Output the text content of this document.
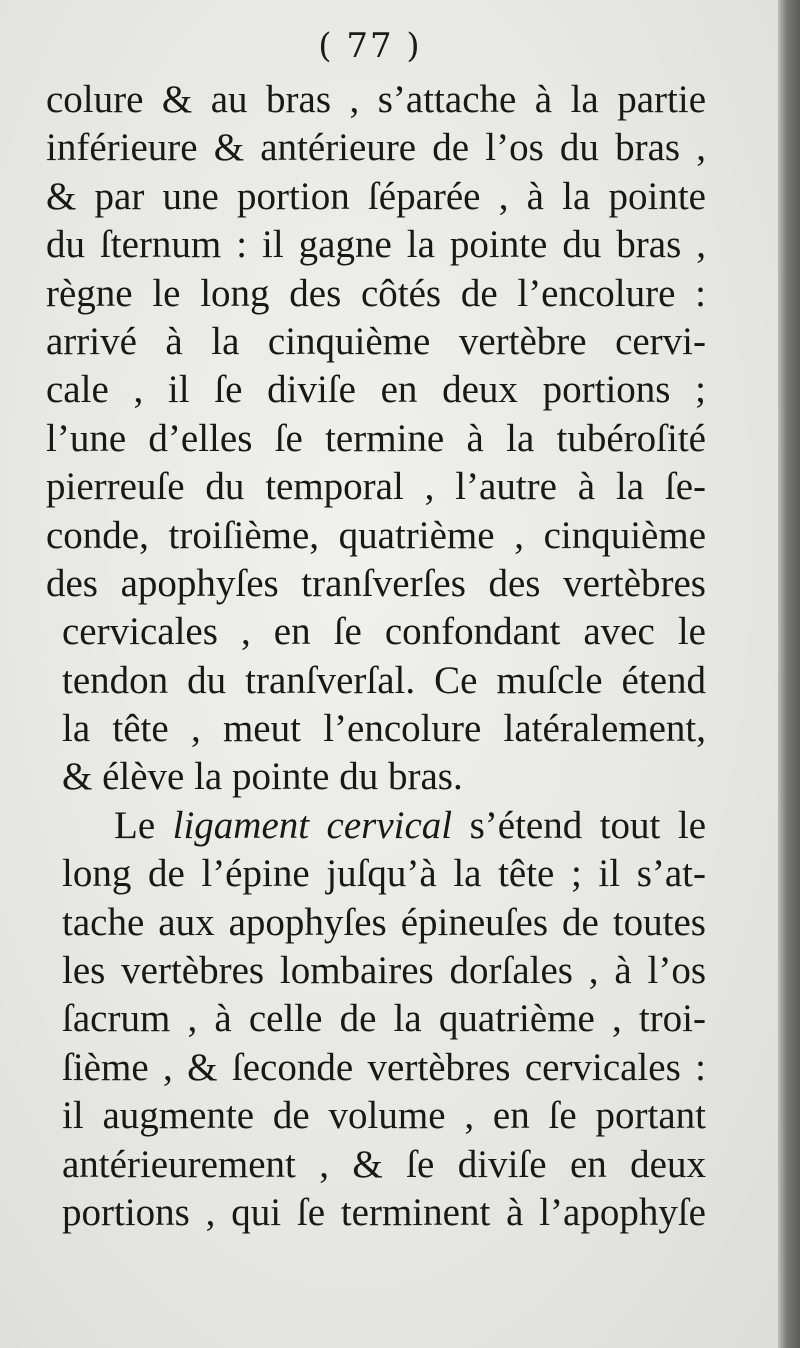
( 77 )
colure & au bras , s’attache à la partie
inférieure & antérieure de l’os du bras ,
& par une portion ſéparée , à la pointe
du ſternum : il gagne la pointe du bras ,
règne le long des côtés de l’encolure :
arrivé à la cinquième vertèbre cervi-
cale , il ſe diviſe en deux portions ;
l’une d’elles ſe termine à la tubéroſité
pierreuſe du temporal , l’autre à la ſe-
conde, troiſième, quatrième , cinquième
des apophyſes tranſverſes des vertèbres
cervicales , en ſe confondant avec le
tendon du tranſverſal. Ce muſcle étend
la tête , meut l’encolure latéralement,
& élève la pointe du bras.
Le ligament cervical s’étend tout le
long de l’épine juſqu’à la tête ; il s’at-
tache aux apophyſes épineuſes de toutes
les vertèbres lombaires dorſales , à l’os
ſacrum , à celle de la quatrième , troi-
ſième , & ſeconde vertèbres cervicales :
il augmente de volume , en ſe portant
antérieurement , & ſe diviſe en deux
portions , qui ſe terminent à l’apophyſe
